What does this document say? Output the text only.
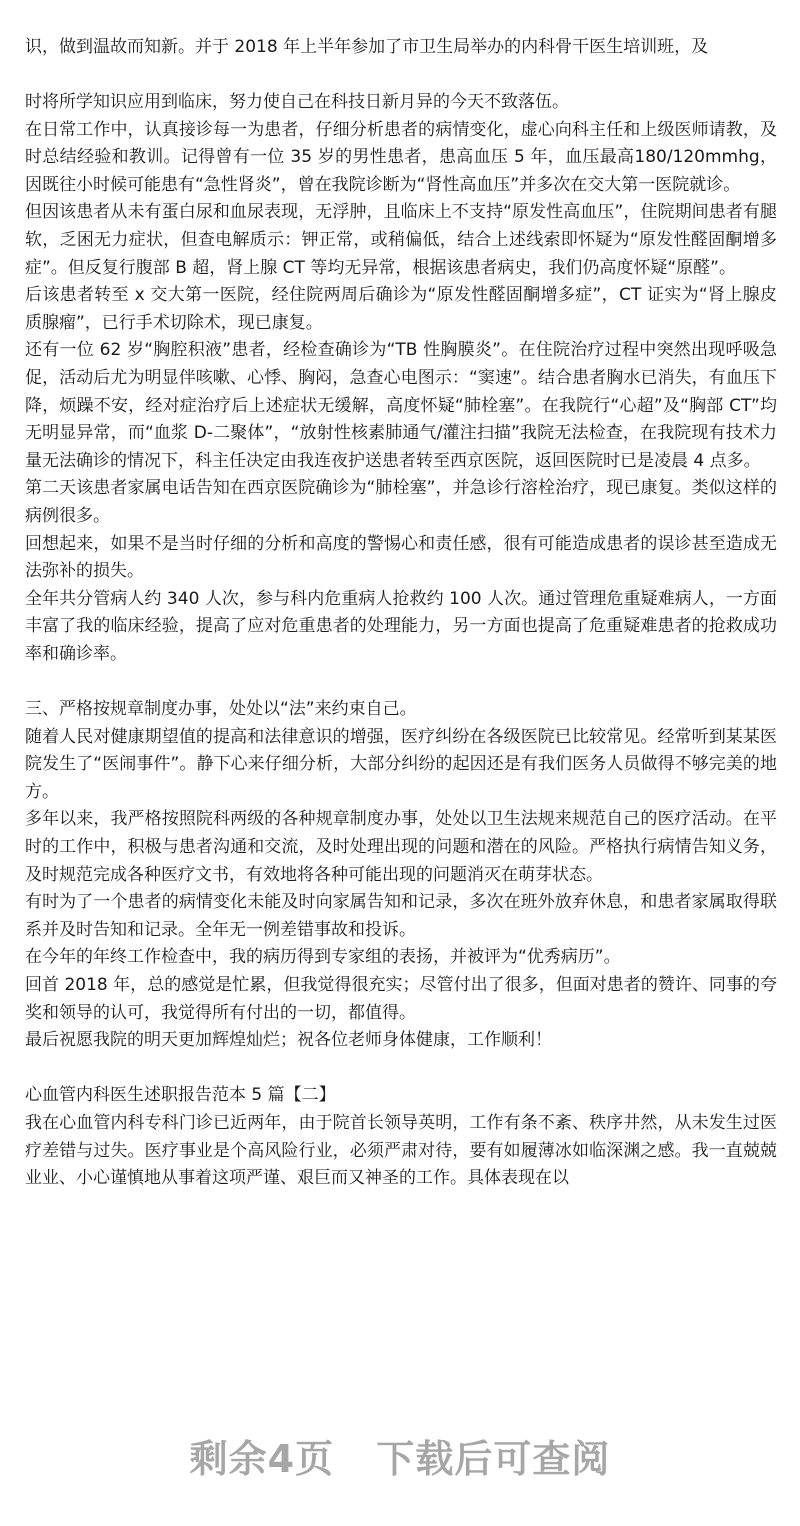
识，做到温故而知新。并于 2018 年上半年参加了市卫生局举办的内科骨干医生培训班，及

时将所学知识应用到临床，努力使自己在科技日新月异的今天不致落伍。

在日常工作中，认真接诊每一为患者，仔细分析患者的病情变化，虚心向科主任和上级医师请教，及时总结经验和教训。记得曾有一位 35 岁的男性患者，患高血压 5 年，血压最高180/120mmhg，因既往小时候可能患有“急性肾炎”，曾在我院诊断为“肾性高血压”并多次在交大第一医院就诊。

但因该患者从未有蛋白尿和血尿表现，无浮肿，且临床上不支持“原发性高血压”，住院期间患者有腿软，乏困无力症状，但查电解质示：钾正常，或稍偏低，结合上述线索即怀疑为“原发性醛固酮增多症”。但反复行腹部 B 超，肾上腺 CT 等均无异常，根据该患者病史，我们仍高度怀疑“原醛”。

后该患者转至 x 交大第一医院，经住院两周后确诊为“原发性醛固酮增多症”，CT 证实为“肾上腺皮质腺瘤”，已行手术切除术，现已康复。

还有一位 62 岁“胸腔积液”患者，经检查确诊为“TB 性胸膜炎”。在住院治疗过程中突然出现呼吸急促，活动后尤为明显伴咳嗽、心悸、胸闷，急查心电图示：“窦速”。结合患者胸水已消失，有血压下降，烦躁不安，经对症治疗后上述症状无缓解，高度怀疑“肺栓塞”。在我院行“心超”及“胸部 CT”均无明显异常，而“血浆 D-二聚体”，“放射性核素肺通气/灌注扫描”我院无法检查，在我院现有技术力量无法确诊的情况下，科主任决定由我连夜护送患者转至西京医院，返回医院时已是凌晨 4 点多。

第二天该患者家属电话告知在西京医院确诊为“肺栓塞”，并急诊行溶栓治疗，现已康复。类似这样的病例很多。

回想起来，如果不是当时仔细的分析和高度的警惕心和责任感，很有可能造成患者的误诊甚至造成无法弥补的损失。

全年共分管病人约 340 人次，参与科内危重病人抢救约 100 人次。通过管理危重疑难病人，一方面丰富了我的临床经验，提高了应对危重患者的处理能力，另一方面也提高了危重疑难患者的抢救成功率和确诊率。

三、严格按规章制度办事，处处以“法”来约束自己。

随着人民对健康期望值的提高和法律意识的增强，医疗纠纷在各级医院已比较常见。经常听到某某医院发生了“医闹事件”。静下心来仔细分析，大部分纠纷的起因还是有我们医务人员做得不够完美的地方。

多年以来，我严格按照院科两级的各种规章制度办事，处处以卫生法规来规范自己的医疗活动。在平时的工作中，积极与患者沟通和交流，及时处理出现的问题和潜在的风险。严格执行病情告知义务，及时规范完成各种医疗文书，有效地将各种可能出现的问题消灭在萌芽状态。

有时为了一个患者的病情变化未能及时向家属告知和记录，多次在班外放弃休息，和患者家属取得联系并及时告知和记录。全年无一例差错事故和投诉。

在今年的年终工作检查中，我的病历得到专家组的表扬，并被评为“优秀病历”。

回首 2018 年，总的感觉是忙累，但我觉得很充实；尽管付出了很多，但面对患者的赞许、同事的夸奖和领导的认可，我觉得所有付出的一切，都值得。

最后祝愿我院的明天更加辉煌灿烂；祝各位老师身体健康，工作顺利！

心血管内科医生述职报告范本 5 篇【二】

我在心血管内科专科门诊已近两年，由于院首长领导英明，工作有条不紊、秩序井然，从未发生过医疗差错与过失。医疗事业是个高风险行业，必须严肃对待，要有如履薄冰如临深渊之感。我一直兢兢业业、小心谨慎地从事着这项严谨、艰巨而又神圣的工作。具体表现在以

剩余4页 下载后可查阅
